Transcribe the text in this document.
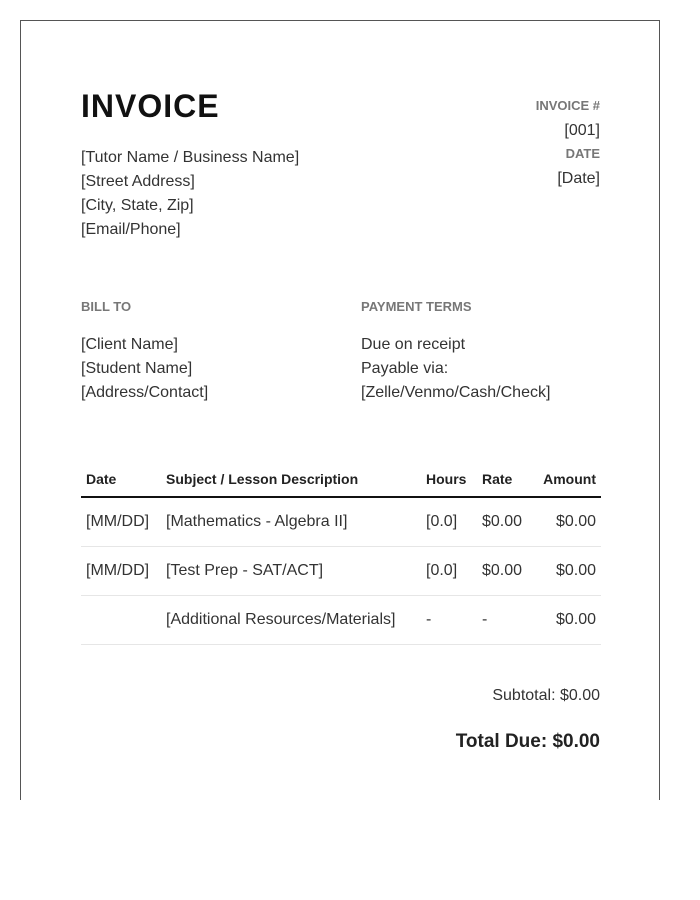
INVOICE
[Tutor Name / Business Name]
[Street Address]
[City, State, Zip]
[Email/Phone]
INVOICE #
[001]
DATE
[Date]
BILL TO
[Client Name]
[Student Name]
[Address/Contact]
PAYMENT TERMS
Due on receipt
Payable via:
[Zelle/Venmo/Cash/Check]
Date	Subject / Lesson Description	Hours	Rate	Amount
[MM/DD]	[Mathematics - Algebra II]	[0.0]	$0.00	$0.00
[MM/DD]	[Test Prep - SAT/ACT]	[0.0]	$0.00	$0.00
	[Additional Resources/Materials]	-	-	$0.00
Subtotal: $0.00
Total Due: $0.00
